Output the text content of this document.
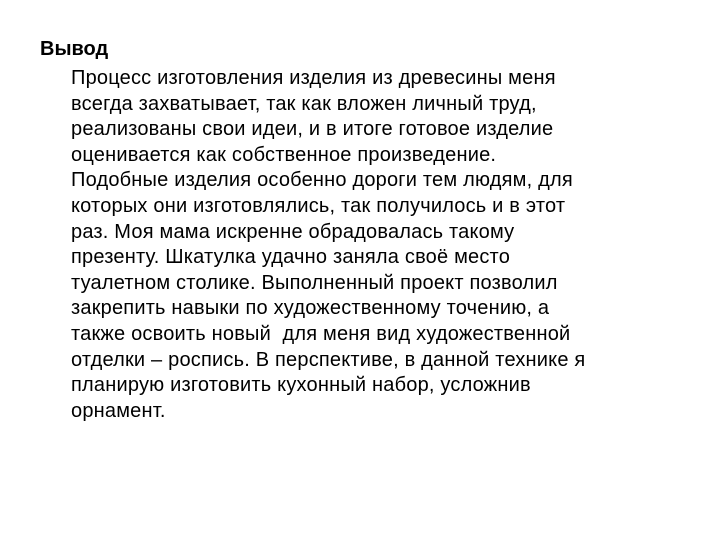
Вывод
Процесс изготовления изделия из древесины меня
всегда захватывает, так как вложен личный труд,
реализованы свои идеи, и в итоге готовое изделие
оценивается как собственное произведение.
Подобные изделия особенно дороги тем людям, для
которых они изготовлялись, так получилось и в этот
раз. Моя мама искренне обрадовалась такому
презенту. Шкатулка удачно заняла своё место
туалетном столике. Выполненный проект позволил
закрепить навыки по художественному точению, а
также освоить новый  для меня вид художественной
отделки – роспись. В перспективе, в данной технике я
планирую изготовить кухонный набор, усложнив
орнамент.
